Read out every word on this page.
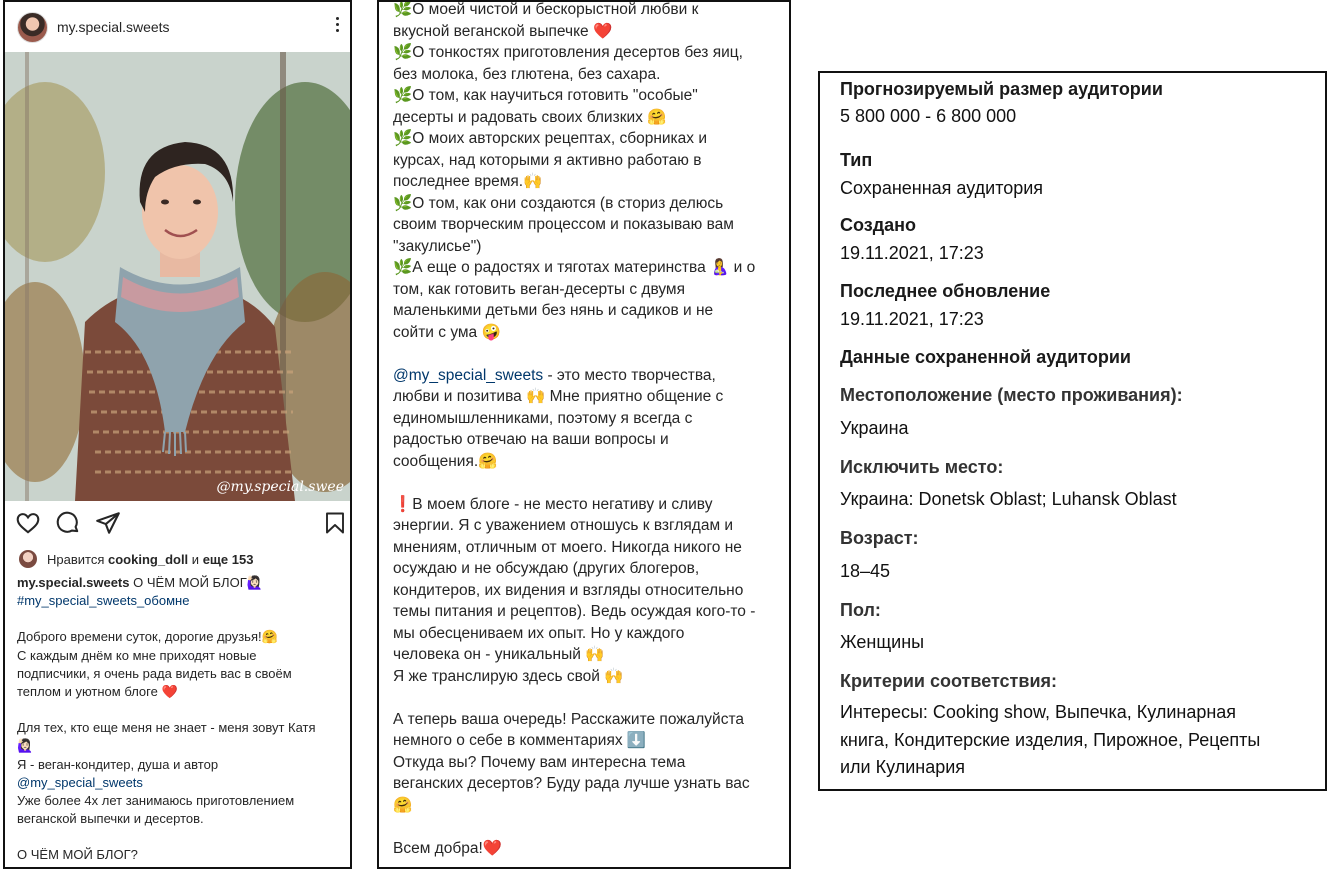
my.special.sweets
@my.special.swee
Нравится cooking_doll и еще 153
my.special.sweets О ЧЁМ МОЙ БЛОГ🙋🏻‍♀️
#my_special_sweets_обомне
Доброго времени суток, дорогие друзья!🤗
С каждым днём ко мне приходят новые
подписчики, я очень рада видеть вас в своём
теплом и уютном блоге ❤️
Для тех, кто еще меня не знает - меня зовут Катя
🙋🏻‍♀️
Я - веган-кондитер, душа и автор
@my_special_sweets
Уже более 4х лет занимаюсь приготовлением
веганской выпечки и десертов.
О ЧЁМ МОЙ БЛОГ?
🌿О моей чистой и бескорыстной любви к
вкусной веганской выпечке ❤️
🌿О тонкостях приготовления десертов без яиц,
без молока, без глютена, без сахара.
🌿О том, как научиться готовить "особые"
десерты и радовать своих близких 🤗
🌿О моих авторских рецептах, сборниках и
курсах, над которыми я активно работаю в
последнее время.🙌
🌿О том, как они создаются (в сториз делюсь
своим творческим процессом и показываю вам
"закулисье")
🌿А еще о радостях и тяготах материнства 🤱 и о
том, как готовить веган-десерты с двумя
маленькими детьми без нянь и садиков и не
сойти с ума 🤪
@my_special_sweets - это место творчества,
любви и позитива 🙌 Мне приятно общение с
единомышленниками, поэтому я всегда с
радостью отвечаю на ваши вопросы и
сообщения.🤗
❗В моем блоге - не место негативу и сливу
энергии. Я с уважением отношусь к взглядам и
мнениям, отличным от моего. Никогда никого не
осуждаю и не обсуждаю (других блогеров,
кондитеров, их видения и взгляды относительно
темы питания и рецептов). Ведь осуждая кого-то -
мы обесцениваем их опыт. Но у каждого
человека он - уникальный 🙌
Я же транслирую здесь свой 🙌
А теперь ваша очередь! Расскажите пожалуйста
немного о себе в комментариях ⬇️
Откуда вы? Почему вам интересна тема
веганских десертов? Буду рада лучше узнать вас
🤗
Всем добра!❤️
Прогнозируемый размер аудитории
5 800 000 - 6 800 000
Тип
Сохраненная аудитория
Создано
19.11.2021, 17:23
Последнее обновление
19.11.2021, 17:23
Данные сохраненной аудитории
Местоположение (место проживания):
Украина
Исключить место:
Украина: Donetsk Oblast; Luhansk Oblast
Возраст:
18–45
Пол:
Женщины
Критерии соответствия:
Интересы: Cooking show, Выпечка, Кулинарная
книга, Кондитерские изделия, Пирожное, Рецепты
или Кулинария
